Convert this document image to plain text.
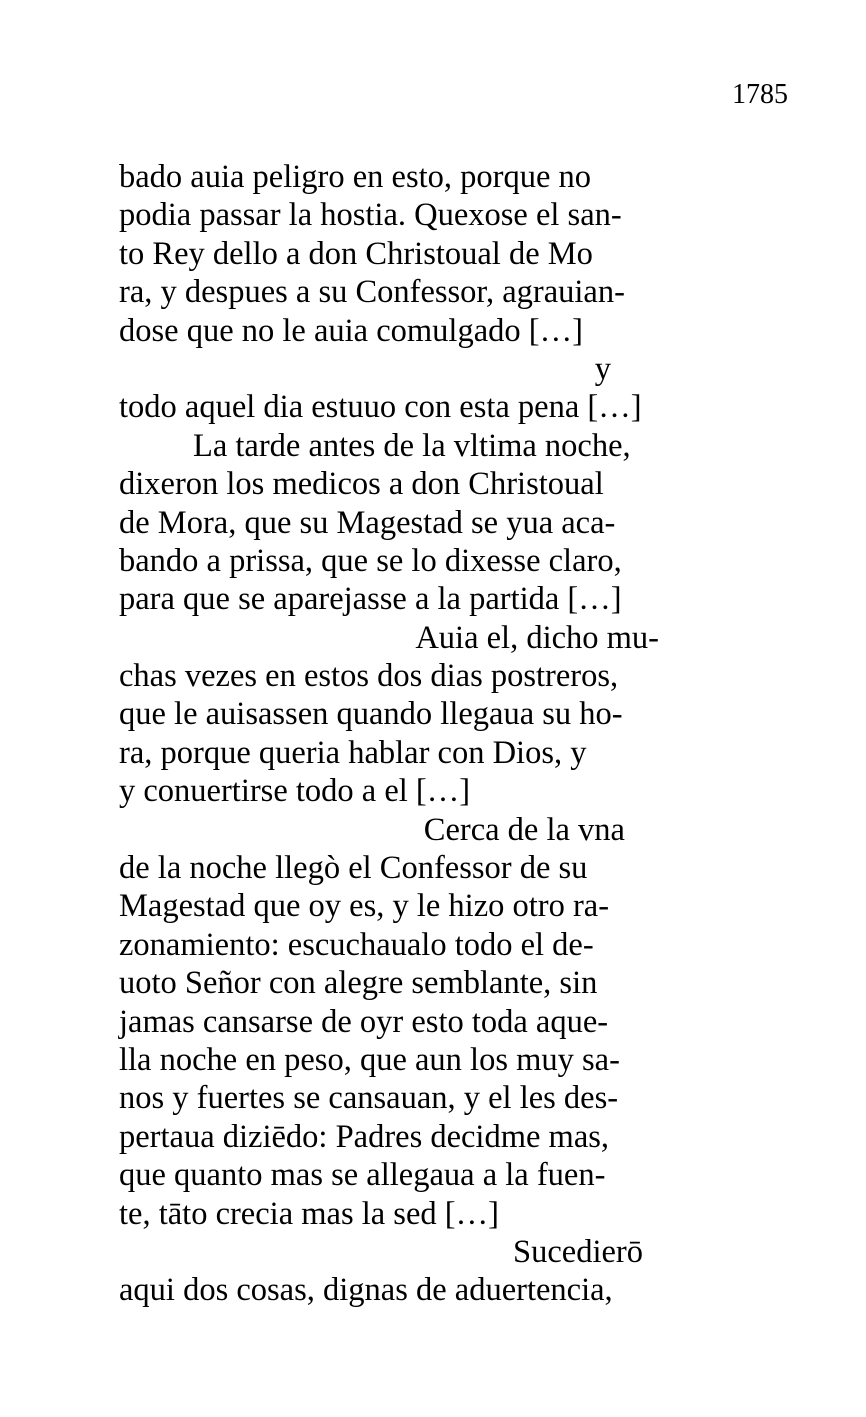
1785
bado auia peligro en esto, porque no
podia passar la hostia. Quexose el san-
to Rey dello a don Christoual de Mo
ra, y despues a su Confessor, agrauian-
dose que no le auia comulgado […]
y
todo aquel dia estuuo con esta pena […]
La tarde antes de la vltima noche,
dixeron los medicos a don Christoual
de Mora, que su Magestad se yua aca-
bando a prissa, que se lo dixesse claro,
para que se aparejasse a la partida […]
Auia el, dicho mu-
chas vezes en estos dos dias postreros,
que le auisassen quando llegaua su ho-
ra, porque queria hablar con Dios, y
y conuertirse todo a el […]
Cerca de la vna
de la noche llegò el Confessor de su
Magestad que oy es, y le hizo otro ra-
zonamiento: escuchaualo todo el de-
uoto Señor con alegre semblante, sin
jamas cansarse de oyr esto toda aque-
lla noche en peso, que aun los muy sa-
nos y fuertes se cansauan, y el les des-
pertaua diziēdo: Padres decidme mas,
que quanto mas se allegaua a la fuen-
te, tāto crecia mas la sed […]
Sucedierō
aqui dos cosas, dignas de aduertencia,
